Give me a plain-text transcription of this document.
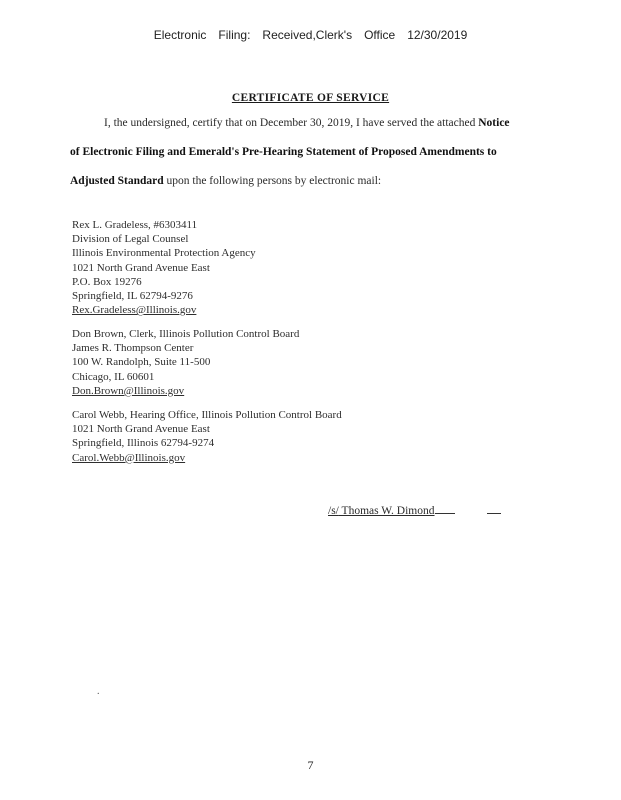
Electronic Filing: Received,Clerk's Office 12/30/2019
CERTIFICATE OF SERVICE
I, the undersigned, certify that on December 30, 2019, I have served the attached Notice
of Electronic Filing and Emerald's Pre-Hearing Statement of Proposed Amendments to
Adjusted Standard upon the following persons by electronic mail:
Rex L. Gradeless, #6303411
Division of Legal Counsel
Illinois Environmental Protection Agency
1021 North Grand Avenue East
P.O. Box 19276
Springfield, IL 62794-9276
Rex.Gradeless@Illinois.gov
Don Brown, Clerk, Illinois Pollution Control Board
James R. Thompson Center
100 W. Randolph, Suite 11-500
Chicago, IL 60601
Don.Brown@Illinois.gov
Carol Webb, Hearing Office, Illinois Pollution Control Board
1021 North Grand Avenue East
Springfield, Illinois 62794-9274
Carol.Webb@Illinois.gov
/s/ Thomas W. Dimond
.
7
